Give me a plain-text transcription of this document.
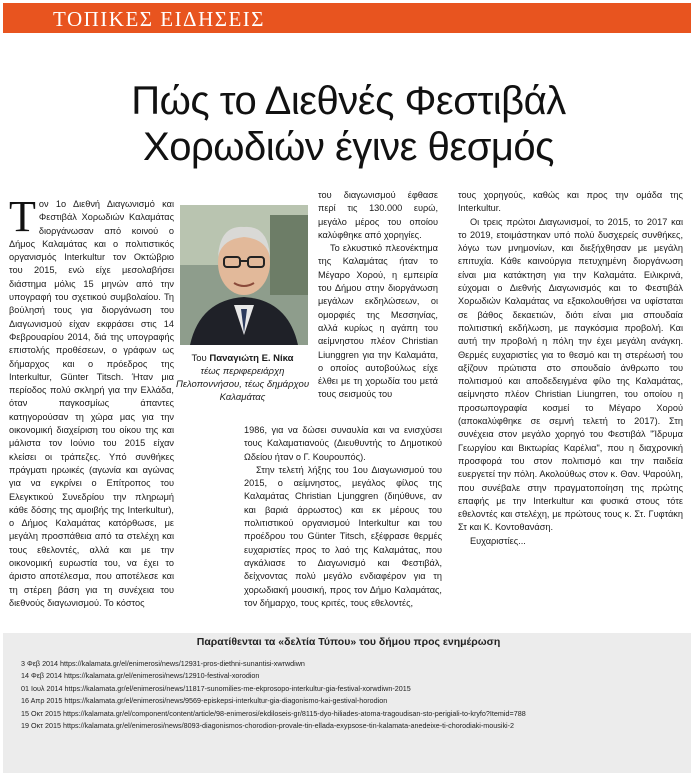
ΤΟΠΙΚΕΣ ΕΙΔΗΣΕΙΣ
Πώς το Διεθνές Φεστιβάλ
Χορωδιών έγινε θεσμός

Τον 1ο Διεθνή Διαγωνισμό και Φεστιβάλ Χορωδιών Καλαμάτας διοργάνωσαν από κοινού ο Δήμος Καλαμάτας και ο πολιτιστικός οργανισμός Interkultur τον Οκτώβριο του 2015, ενώ είχε μεσολαβήσει διάστημα μόλις 15 μηνών από την υπογραφή του σχετικού συμβολαίου. Τη βούλησή τους για διοργάνωση του Διαγωνισμού είχαν εκφράσει στις 14 Φεβρουαρίου 2014, διά της υπογραφής επιστολής προθέσεων, ο γράφων ως δήμαρχος και ο πρόεδρος της Interkultur, Günter Titsch. Ήταν μια περίοδος πολύ σκληρή για την Ελλάδα, όταν παγκοσμίως άπαντες κατηγορούσαν τη χώρα μας για την οικονομική διαχείριση του οίκου της και μάλιστα τον Ιούνιο του 2015 είχαν κλείσει οι τράπεζες. Υπό συνθήκες πράγματι ηρωικές (αγωνία και αγώνας για να εγκρίνει ο Επίτροπος του Ελεγκτικού Συνεδρίου την πληρωμή κάθε δόσης της αμοιβής της Interkultur), ο Δήμος Καλαμάτας κατόρθωσε, με μεγάλη προσπάθεια από τα στελέχη και τους εθελοντές, αλλά και με την οικονομική ευρωστία του, να έχει το άριστο αποτέλεσμα, που αποτέλεσε και τη στέρεη βάση για τη συνέχεια του διεθνούς διαγωνισμού. Το κόστος

Του Παναγιώτη Ε. Νίκα
τέως περιφερειάρχη Πελοποννήσου, τέως δημάρχου Καλαμάτας

του διαγωνισμού έφθασε περί τις 130.000 ευρώ, μεγάλο μέρος του οποίου καλύφθηκε από χορηγίες.

Το ελκυστικό πλεονέκτημα της Καλαμάτας ήταν το Μέγαρο Χορού, η εμπειρία του Δήμου στην διοργάνωση μεγάλων εκδηλώσεων, οι ομορφιές της Μεσσηνίας, αλλά κυρίως η αγάπη του αείμνηστου πλέον Christian Liunggren για την Καλαμάτα, ο οποίος αυτοβούλως είχε έλθει με τη χορωδία του μετά τους σεισμούς του

1986, για να δώσει συναυλία και να ενισχύσει τους Καλαματιανούς (Διευθυντής το Δημοτικού Ωδείου ήταν ο Γ. Κουρουπός).

Στην τελετή λήξης του 1ου Διαγωνισμού του 2015, ο αείμνηστος, μεγάλος φίλος της Καλαμάτας Christian Ljunggren (διηύθυνε, αν και βαριά άρρωστος) και εκ μέρους του πολιτιστικού οργανισμού Interkultur και του προέδρου του Günter Titsch, εξέφρασε θερμές ευχαριστίες προς το λαό της Καλαμάτας, που αγκάλιασε το Διαγωνισμό και Φεστιβάλ, δείχνοντας πολύ μεγάλο ενδιαφέρον για τη χορωδιακή μουσική, προς τον Δήμο Καλαμάτας, τον δήμαρχο, τους κριτές, τους εθελοντές,

τους χορηγούς, καθώς και προς την ομάδα της Interkultur.

Οι τρεις πρώτοι Διαγωνισμοί, το 2015, το 2017 και το 2019, ετοιμάστηκαν υπό πολύ δυσχερείς συνθήκες, λόγω των μνημονίων, και διεξήχθησαν με μεγάλη επιτυχία. Κάθε καινούργια πετυχημένη διοργάνωση είναι μια κατάκτηση για την Καλαμάτα. Ειλικρινά, εύχομαι ο Διεθνής Διαγωνισμός και το Φεστιβάλ Χορωδιών Καλαμάτας να εξακολουθήσει να υφίσταται σε βάθος δεκαετιών, διότι είναι μια σπουδαία πολιτιστική εκδήλωση, με παγκόσμια προβολή. Και αυτή την προβολή η πόλη την έχει μεγάλη ανάγκη. Θερμές ευχαριστίες για το θεσμό και τη στερέωσή του αξίζουν πρώτιστα στο σπουδαίο άνθρωπο του πολιτισμού και αποδεδειγμένα φίλο της Καλαμάτας, αείμνηστο πλέον Christian Liungrren, του οποίου η προσωπογραφία κοσμεί το Μέγαρο Χορού (αποκαλύφθηκε σε σεμνή τελετή το 2017). Στη συνέχεια στον μεγάλο χορηγό του Φεστιβάλ "Ίδρυμα Γεωργίου και Βικτωρίας Καρέλια", που η διαχρονική προσφορά του στον πολιτισμό και την παιδεία ευεργετεί την πόλη. Ακολούθως στον κ. Θαν. Ψαρούλη, που συνέβαλε στην πραγματοποίηση της πρώτης επαφής με την Interkultur και φυσικά στους τότε εθελοντές και στελέχη, με πρώτους τους κ. Στ. Γυφτάκη Στ και Κ. Κοντοθανάση.

Ευχαριστίες...

Παρατίθενται τα «δελτία Τύπου» του δήμου προς ενημέρωση
3 Φεβ 2014 https://kalamata.gr/el/enimerosi/news/12931-pros-diethni-sunantisi-xwrwdiwn
14 Φεβ 2014 https://kalamata.gr/el/enimerosi/news/12910-festival-xorodion
01 Ιουλ 2014 https://kalamata.gr/el/enimerosi/news/11817-sunomilies-me-ekprosopo-interkultur-gia-festival-xorwdiwn-2015
16 Απρ 2015 https://kalamata.gr/el/enimerosi/news/9569-episkepsi-interkultur-gia-diagonismo-kai-gestival-horodion
15 Οκτ 2015 https://kalamata.gr/el/component/content/article/98-enimerosi/ekdiloseis-gr/8115-dyo-hiliades-atoma-tragoudisan-sto-perigiali-to-kryfo?Itemid=788
19 Οκτ 2015 https://kalamata.gr/el/enimerosi/news/8093-diagonismos-chorodion-provale-tin-ellada-exypsose-tin-kalamata-anedeixe-ti-chorodiaki-mousiki-2
